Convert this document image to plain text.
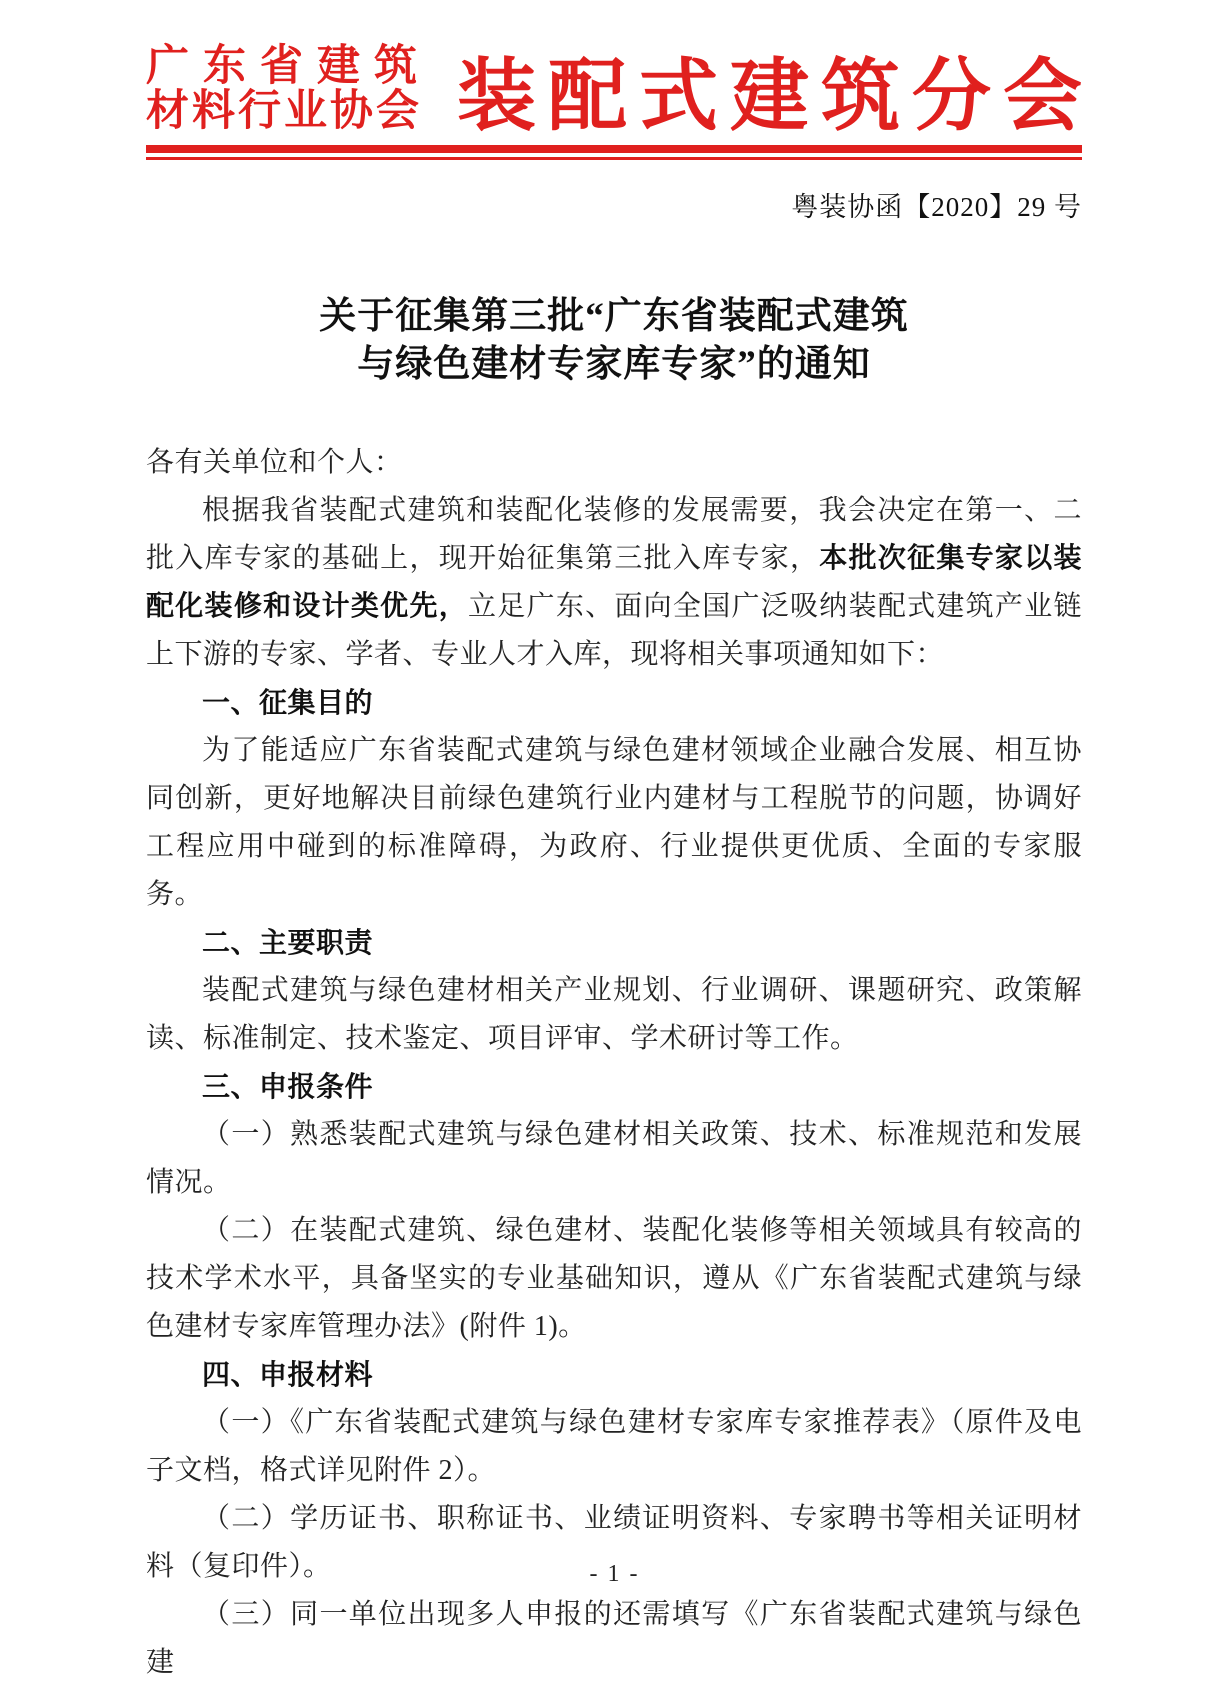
广东省建筑
材料行业协会 装配式建筑分会
粤装协函【2020】29 号
关于征集第三批“广东省装配式建筑
与绿色建材专家库专家”的通知

各有关单位和个人：

根据我省装配式建筑和装配化装修的发展需要，我会决定在第一、二批入库专家的基础上，现开始征集第三批入库专家，本批次征集专家以装配化装修和设计类优先，立足广东、面向全国广泛吸纳装配式建筑产业链上下游的专家、学者、专业人才入库，现将相关事项通知如下：

一、征集目的

为了能适应广东省装配式建筑与绿色建材领域企业融合发展、相互协同创新，更好地解决目前绿色建筑行业内建材与工程脱节的问题，协调好工程应用中碰到的标准障碍，为政府、行业提供更优质、全面的专家服务。

二、主要职责

装配式建筑与绿色建材相关产业规划、行业调研、课题研究、政策解读、标准制定、技术鉴定、项目评审、学术研讨等工作。

三、申报条件

（一）熟悉装配式建筑与绿色建材相关政策、技术、标准规范和发展情况。

（二）在装配式建筑、绿色建材、装配化装修等相关领域具有较高的技术学术水平，具备坚实的专业基础知识，遵从《广东省装配式建筑与绿色建材专家库管理办法》(附件 1)。

四、申报材料

（一）《广东省装配式建筑与绿色建材专家库专家推荐表》（原件及电子文档，格式详见附件 2）。

（二）学历证书、职称证书、业绩证明资料、专家聘书等相关证明材料（复印件）。

（三）同一单位出现多人申报的还需填写《广东省装配式建筑与绿色建

- 1 -
